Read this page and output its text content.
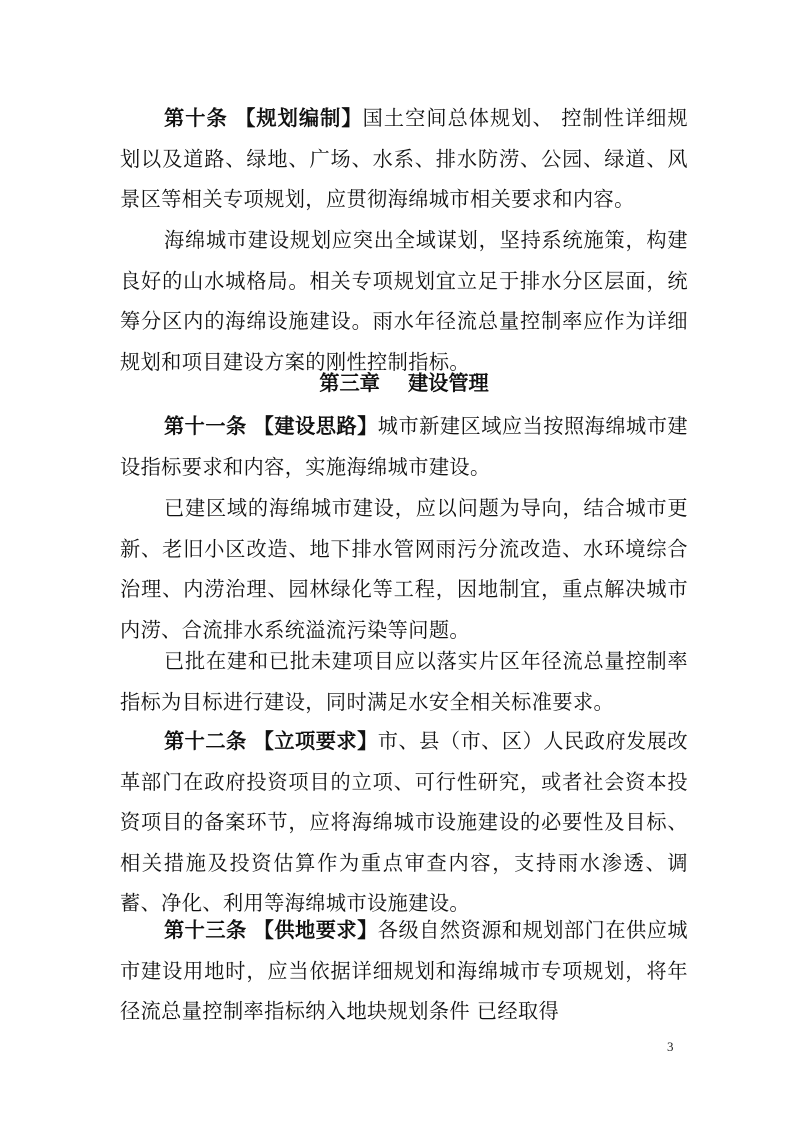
第十条 【规划编制】国土空间总体规划、 控制性详细规划以及道路、绿地、广场、水系、排水防涝、公园、绿道、风景区等相关专项规划，应贯彻海绵城市相关要求和内容。

海绵城市建设规划应突出全域谋划，坚持系统施策，构建良好的山水城格局。相关专项规划宜立足于排水分区层面，统筹分区内的海绵设施建设。雨水年径流总量控制率应作为详细规划和项目建设方案的刚性控制指标。

第三章 建设管理

第十一条 【建设思路】城市新建区域应当按照海绵城市建设指标要求和内容，实施海绵城市建设。

已建区域的海绵城市建设，应以问题为导向，结合城市更新、老旧小区改造、地下排水管网雨污分流改造、水环境综合治理、内涝治理、园林绿化等工程，因地制宜，重点解决城市内涝、合流排水系统溢流污染等问题。

已批在建和已批未建项目应以落实片区年径流总量控制率指标为目标进行建设，同时满足水安全相关标准要求。

第十二条 【立项要求】市、县（市、区）人民政府发展改革部门在政府投资项目的立项、可行性研究，或者社会资本投资项目的备案环节，应将海绵城市设施建设的必要性及目标、相关措施及投资估算作为重点审查内容，支持雨水渗透、调蓄、净化、利用等海绵城市设施建设。

第十三条 【供地要求】各级自然资源和规划部门在供应城市建设用地时，应当依据详细规划和海绵城市专项规划，将年径流总量控制率指标纳入地块规划条件 已经取得

3
